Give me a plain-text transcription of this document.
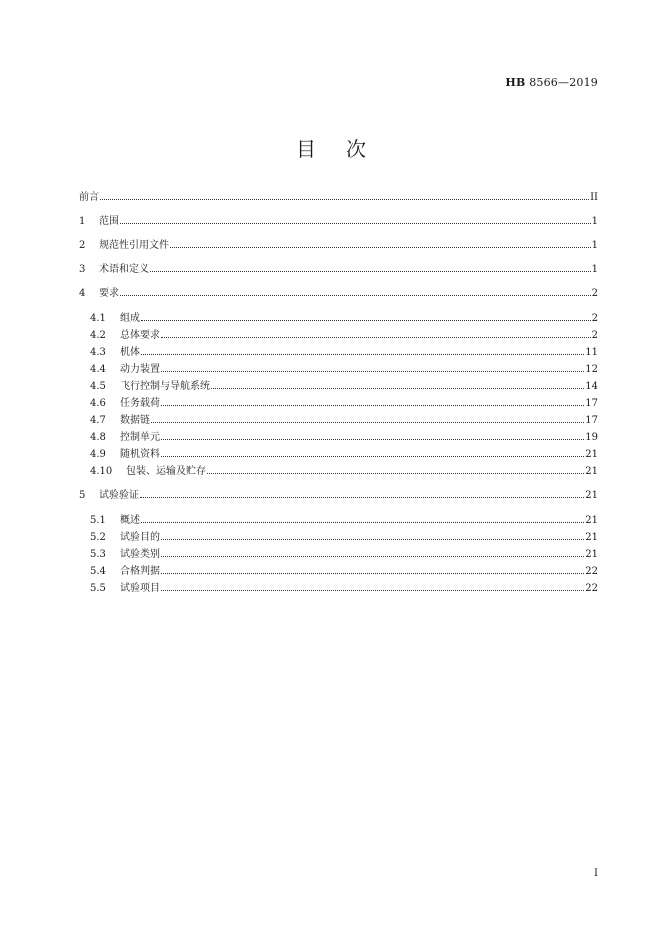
HB 8566—2019
目次
前言	II
1	范围	1
2	规范性引用文件	1
3	术语和定义	1
4	要求	2
4.1	组成	2
4.2	总体要求	2
4.3	机体	11
4.4	动力装置	12
4.5	飞行控制与导航系统	14
4.6	任务载荷	17
4.7	数据链	17
4.8	控制单元	19
4.9	随机资料	21
4.10	包装、运输及贮存	21
5	试验验证	21
5.1	概述	21
5.2	试验目的	21
5.3	试验类别	21
5.4	合格判据	22
5.5	试验项目	22
I
